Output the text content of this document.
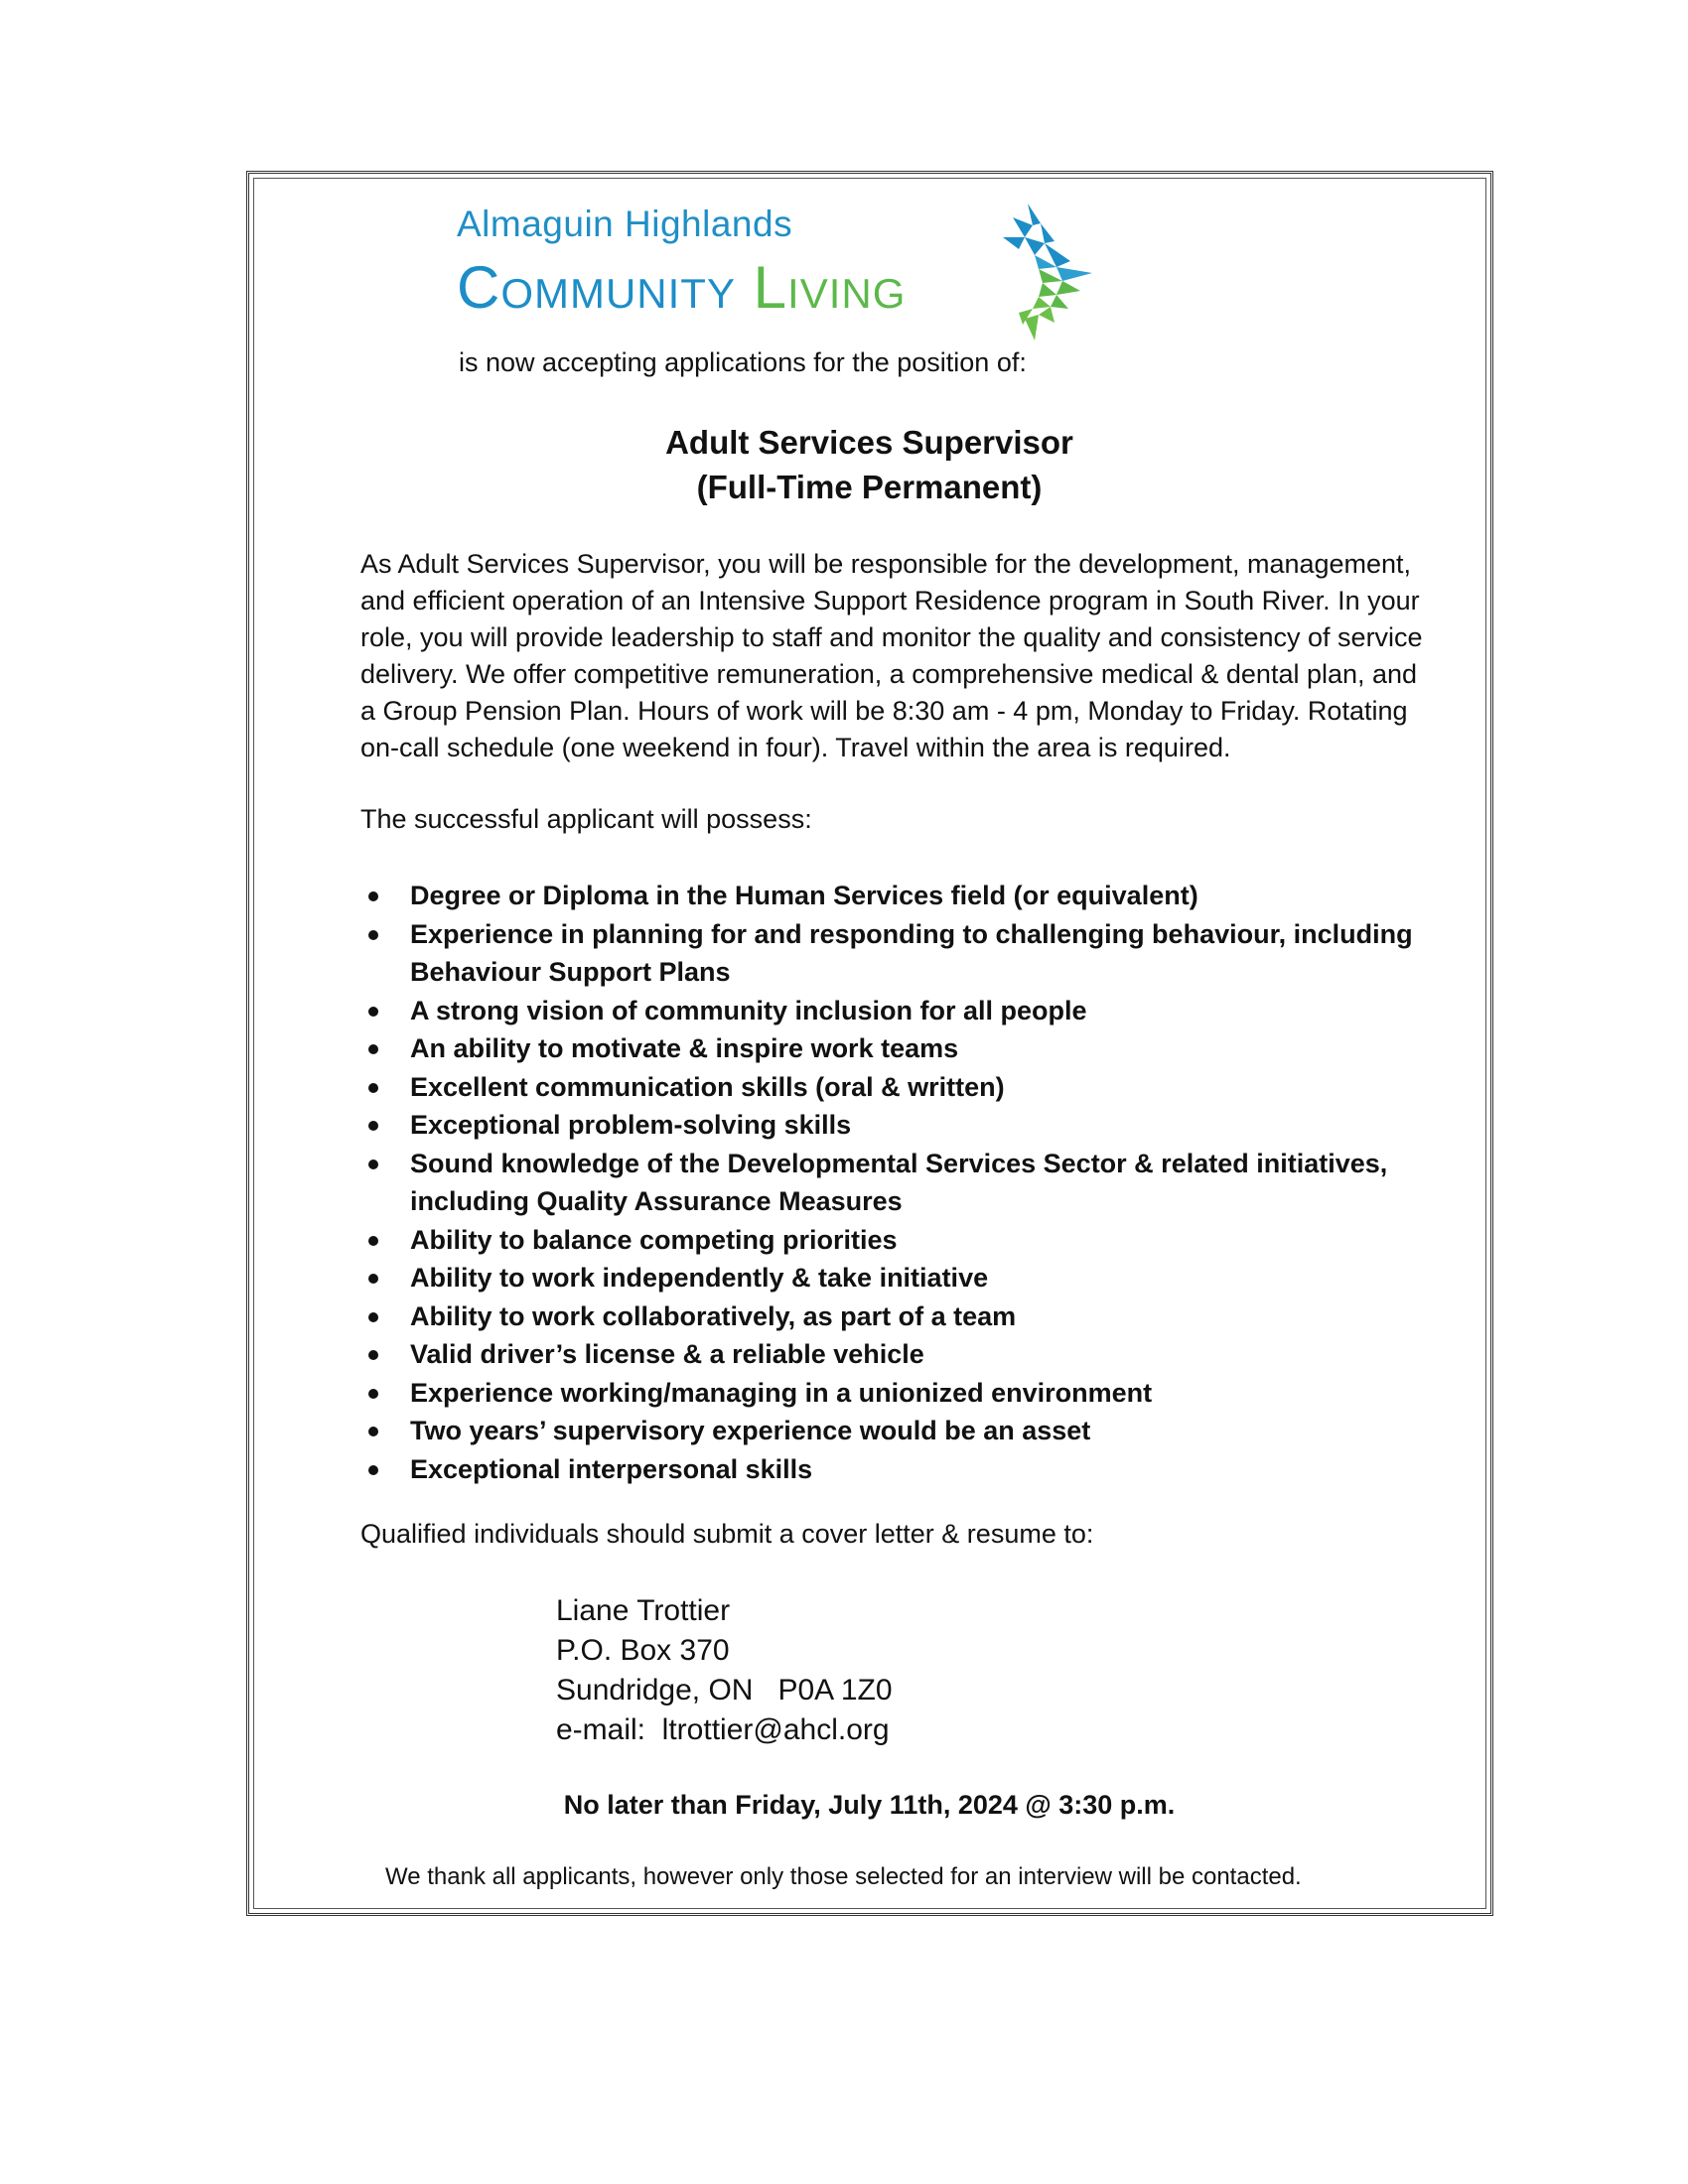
Almaguin Highlands
Community Living
is now accepting applications for the position of:
Adult Services Supervisor
(Full-Time Permanent)
As Adult Services Supervisor, you will be responsible for the development, management,
and efficient operation of an Intensive Support Residence program in South River. In your
role, you will provide leadership to staff and monitor the quality and consistency of service
delivery. We offer competitive remuneration, a comprehensive medical & dental plan, and
a Group Pension Plan. Hours of work will be 8:30 am - 4 pm, Monday to Friday. Rotating
on-call schedule (one weekend in four). Travel within the area is required.
The successful applicant will possess:
Degree or Diploma in the Human Services field (or equivalent)
Experience in planning for and responding to challenging behaviour, including
Behaviour Support Plans
A strong vision of community inclusion for all people
An ability to motivate & inspire work teams
Excellent communication skills (oral & written)
Exceptional problem-solving skills
Sound knowledge of the Developmental Services Sector & related initiatives,
including Quality Assurance Measures
Ability to balance competing priorities
Ability to work independently & take initiative
Ability to work collaboratively, as part of a team
Valid driver’s license & a reliable vehicle
Experience working/managing in a unionized environment
Two years’ supervisory experience would be an asset
Exceptional interpersonal skills
Qualified individuals should submit a cover letter & resume to:
Liane Trottier
P.O. Box 370
Sundridge, ON   P0A 1Z0
e-mail:  ltrottier@ahcl.org
No later than Friday, July 11th, 2024 @ 3:30 p.m.
We thank all applicants, however only those selected for an interview will be contacted.
